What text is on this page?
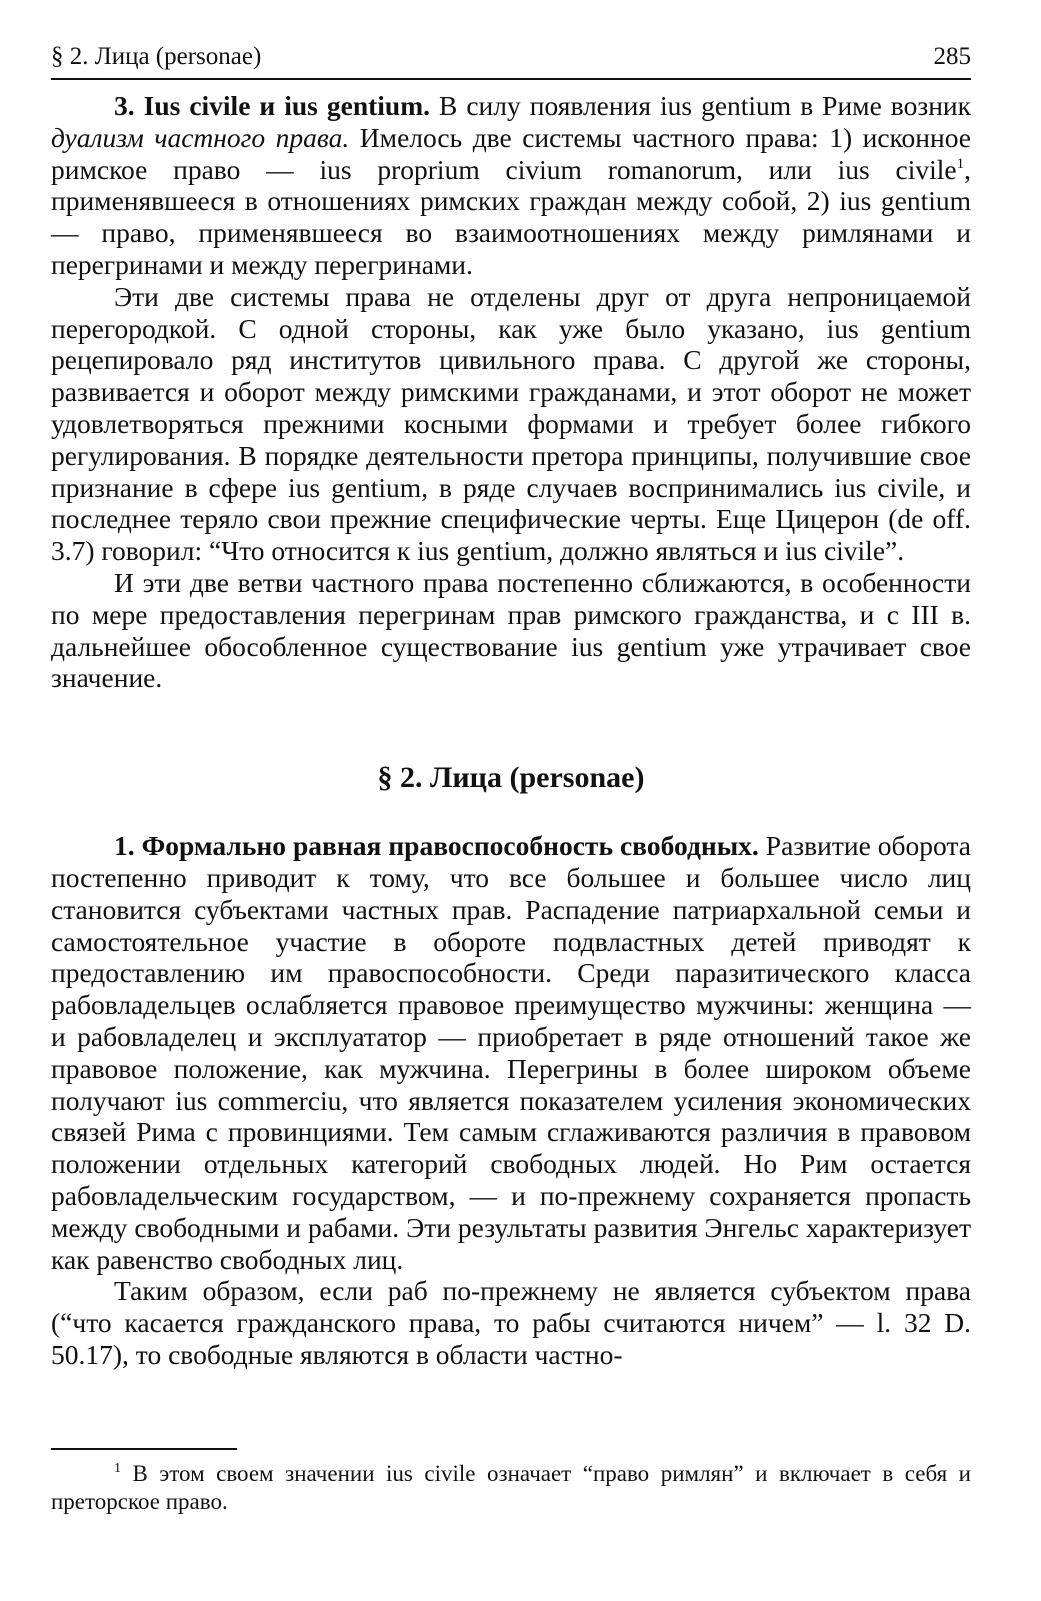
§ 2. Лица (personae)	285

3. Ius civile и ius gentium. В силу появления ius gentium в Риме возник дуализм частного права. Имелось две системы частного права: 1) исконное римское право — ius proprium civium romanorum, или ius civile$^1$, применявшееся в отношениях римских граждан между собой, 2) ius gentium — право, применявшееся во взаимоотношениях между римлянами и перегринами и между перегринами.

Эти две системы права не отделены друг от друга непроницаемой перегородкой. С одной стороны, как уже было указано, ius gentium рецепировало ряд институтов цивильного права. С другой же стороны, развивается и оборот между римскими гражданами, и этот оборот не может удовлетворяться прежними косными формами и требует более гибкого регулирования. В порядке деятельности претора принципы, получившие свое признание в сфере ius gentium, в ряде случаев воспринимались ius civile, и последнее теряло свои прежние специфические черты. Еще Цицерон (de off. 3.7) говорил: “Что относится к ius gentium, должно являться и ius civile”.

И эти две ветви частного права постепенно сближаются, в особенности по мере предоставления перегринам прав римского гражданства, и с III в. дальнейшее обособленное существование ius gentium уже утрачивает свое значение.

§ 2. Лица (personae)

1. Формально равная правоспособность свободных. Развитие оборота постепенно приводит к тому, что все большее и большее число лиц становится субъектами частных прав. Распадение патриархальной семьи и самостоятельное участие в обороте подвластных детей приводят к предоставлению им правоспособности. Среди паразитического класса рабовладельцев ослабляется правовое преимущество мужчины: женщина — и рабовладелец и эксплуататор — приобретает в ряде отношений такое же правовое положение, как мужчина. Перегрины в более широком объеме получают ius commerciu, что является показателем усиления экономических связей Рима с провинциями. Тем самым сглаживаются различия в правовом положении отдельных категорий свободных людей. Но Рим остается рабовладельческим государством, — и по-прежнему сохраняется пропасть между свободными и рабами. Эти результаты развития Энгельс характеризует как равенство свободных лиц.

Таким образом, если раб по-прежнему не является субъектом права (“что касается гражданского права, то рабы считаются ничем” — l. 32 D. 50.17), то свободные являются в области частно-

$^1$ В этом своем значении ius civile означает “право римлян” и включает в себя и преторское право.
